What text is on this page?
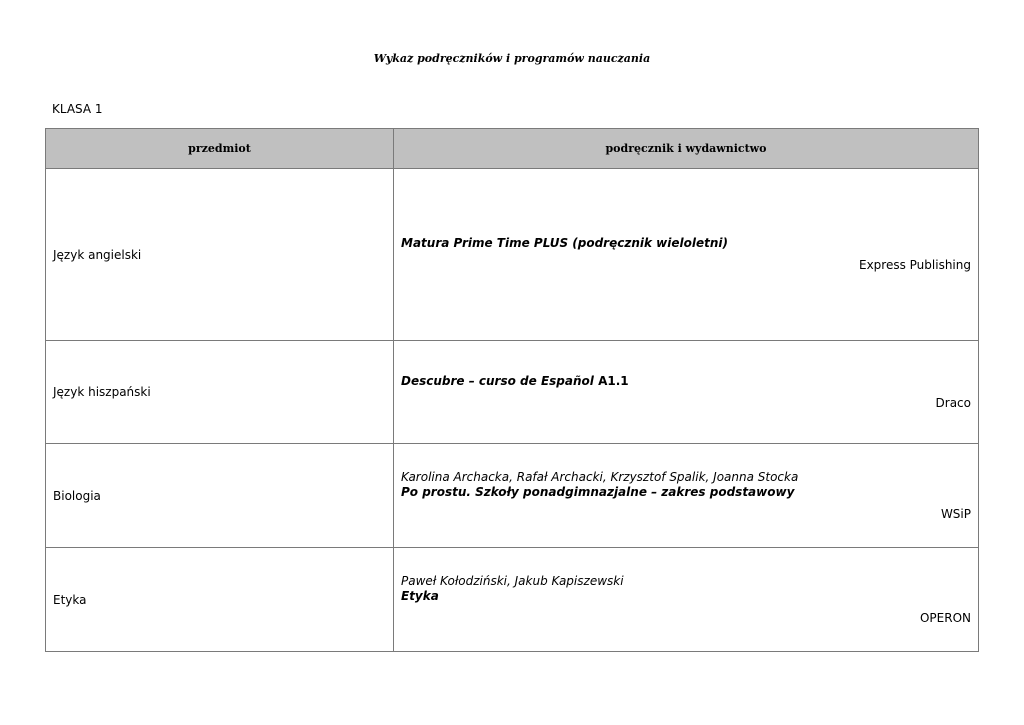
Wykaz podręczników i programów nauczania
KLASA 1
przedmiot	podręcznik i wydawnictwo
Język angielski	Matura Prime Time PLUS (podręcznik wieloletni)
Express Publishing

Język hiszpański	Descubre – curso de Español A1.1
Draco

Biologia	Karolina Archacka, Rafał Archacki, Krzysztof Spalik, Joanna Stocka
Po prostu. Szkoły ponadgimnazjalne – zakres podstawowy
WSiP

Etyka	Paweł Kołodziński, Jakub Kapiszewski
Etyka
OPERON
